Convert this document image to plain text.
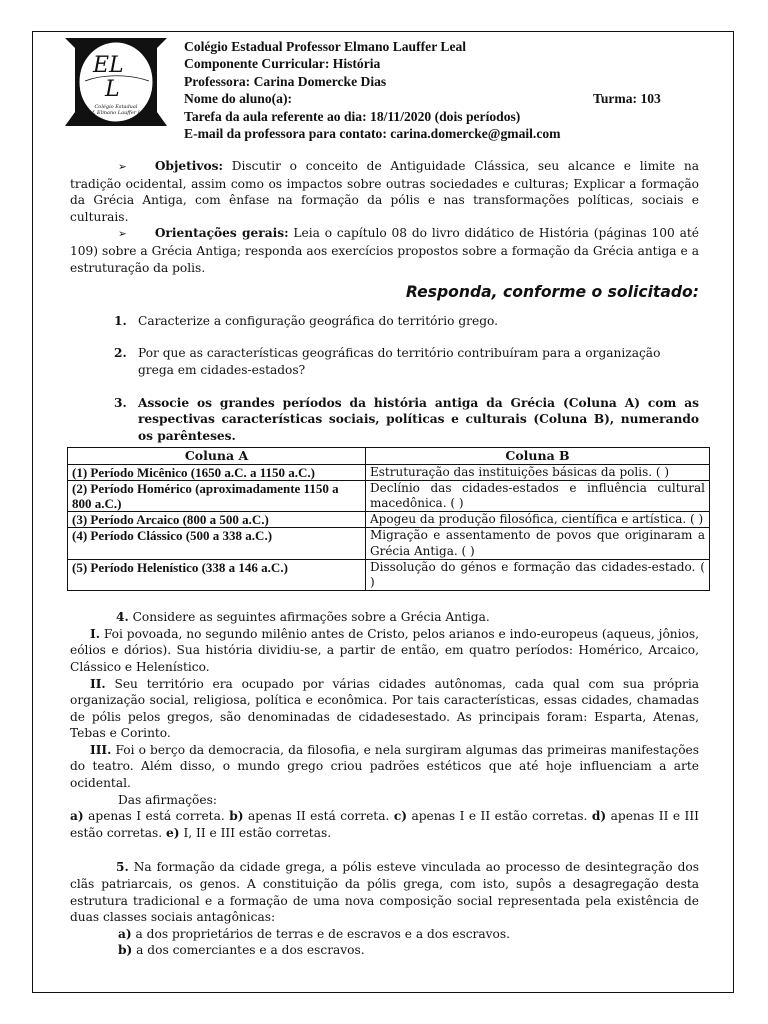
EL
L
Colégio Estadual
Prof. Elmano Lauffer Leal
Colégio Estadual Professor Elmano Lauffer Leal
Componente Curricular: História
Professora: Carina Domercke Dias
Nome do aluno(a):	Turma: 103
Tarefa da aula referente ao dia: 18/11/2020 (dois períodos)
E-mail da professora para contato: carina.domercke@gmail.com

➢ Objetivos: Discutir o conceito de Antiguidade Clássica, seu alcance e limite na tradição ocidental, assim como os impactos sobre outras sociedades e culturas; Explicar a formação da Grécia Antiga, com ênfase na formação da pólis e nas transformações políticas, sociais e culturais.

➢ Orientações gerais: Leia o capítulo 08 do livro didático de História (páginas 100 até 109) sobre a Grécia Antiga; responda aos exercícios propostos sobre a formação da Grécia antiga e a estruturação da polis.

Responda, conforme o solicitado:

1. Caracterize a configuração geográfica do território grego.
2. Por que as características geográficas do território contribuíram para a organização grega em cidades-estados?
3. Associe os grandes períodos da história antiga da Grécia (Coluna A) com as respectivas características sociais, políticas e culturais (Coluna B), numerando os parênteses.
Coluna A	Coluna B
(1) Período Micênico (1650 a.C. a 1150 a.C.)	Estruturação das instituições básicas da polis. ( )
(2) Período Homérico (aproximadamente 1150 a 800 a.C.)	Declínio das cidades-estados e influência cultural macedônica. ( )
(3) Período Arcaico (800 a 500 a.C.)	Apogeu da produção filosófica, científica e artística. ( )
(4) Período Clássico (500 a 338 a.C.)	Migração e assentamento de povos que originaram a Grécia Antiga. ( )
(5) Período Helenístico (338 a 146 a.C.)	Dissolução do génos e formação das cidades-estado. ( )

4. Considere as seguintes afirmações sobre a Grécia Antiga.

I. Foi povoada, no segundo milênio antes de Cristo, pelos arianos e indo-europeus (aqueus, jônios, eólios e dórios). Sua história dividiu-se, a partir de então, em quatro períodos: Homérico, Arcaico, Clássico e Helenístico.

II. Seu território era ocupado por várias cidades autônomas, cada qual com sua própria organização social, religiosa, política e econômica. Por tais características, essas cidades, chamadas de pólis pelos gregos, são denominadas de cidadesestado. As principais foram: Esparta, Atenas, Tebas e Corinto.

III. Foi o berço da democracia, da filosofia, e nela surgiram algumas das primeiras manifestações do teatro. Além disso, o mundo grego criou padrões estéticos que até hoje influenciam a arte ocidental.

Das afirmações:

a) apenas I está correta. b) apenas II está correta. c) apenas I e II estão corretas. d) apenas II e III estão corretas. e) I, II e III estão corretas.

5. Na formação da cidade grega, a pólis esteve vinculada ao processo de desintegração dos clãs patriarcais, os genos. A constituição da pólis grega, com isto, supôs a desagregação desta estrutura tradicional e a formação de uma nova composição social representada pela existência de duas classes sociais antagônicas:

a) a dos proprietários de terras e de escravos e a dos escravos.

b) a dos comerciantes e a dos escravos.
